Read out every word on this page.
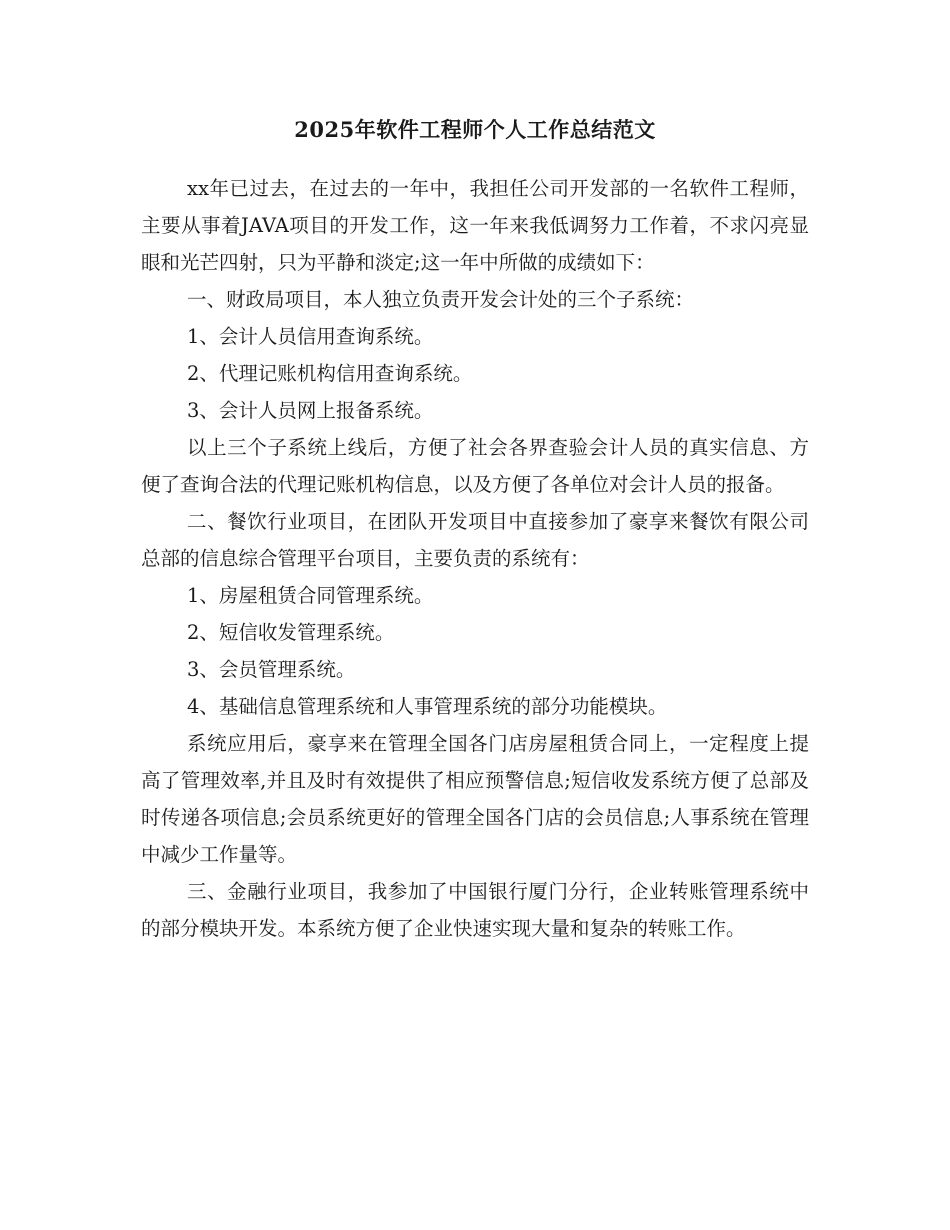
2025年软件工程师个人工作总结范文

xx年已过去，在过去的一年中，我担任公司开发部的一名软件工程师，主要从事着JAVA项目的开发工作，这一年来我低调努力工作着，不求闪亮显眼和光芒四射，只为平静和淡定;这一年中所做的成绩如下：

一、财政局项目，本人独立负责开发会计处的三个子系统：

1、会计人员信用查询系统。

2、代理记账机构信用查询系统。

3、会计人员网上报备系统。

以上三个子系统上线后，方便了社会各界查验会计人员的真实信息、方便了查询合法的代理记账机构信息，以及方便了各单位对会计人员的报备。

二、餐饮行业项目，在团队开发项目中直接参加了豪享来餐饮有限公司总部的信息综合管理平台项目，主要负责的系统有：

1、房屋租赁合同管理系统。

2、短信收发管理系统。

3、会员管理系统。

4、基础信息管理系统和人事管理系统的部分功能模块。

系统应用后，豪享来在管理全国各门店房屋租赁合同上，一定程度上提高了管理效率,并且及时有效提供了相应预警信息;短信收发系统方便了总部及时传递各项信息;会员系统更好的管理全国各门店的会员信息;人事系统在管理中减少工作量等。

三、金融行业项目，我参加了中国银行厦门分行，企业转账管理系统中的部分模块开发。本系统方便了企业快速实现大量和复杂的转账工作。
